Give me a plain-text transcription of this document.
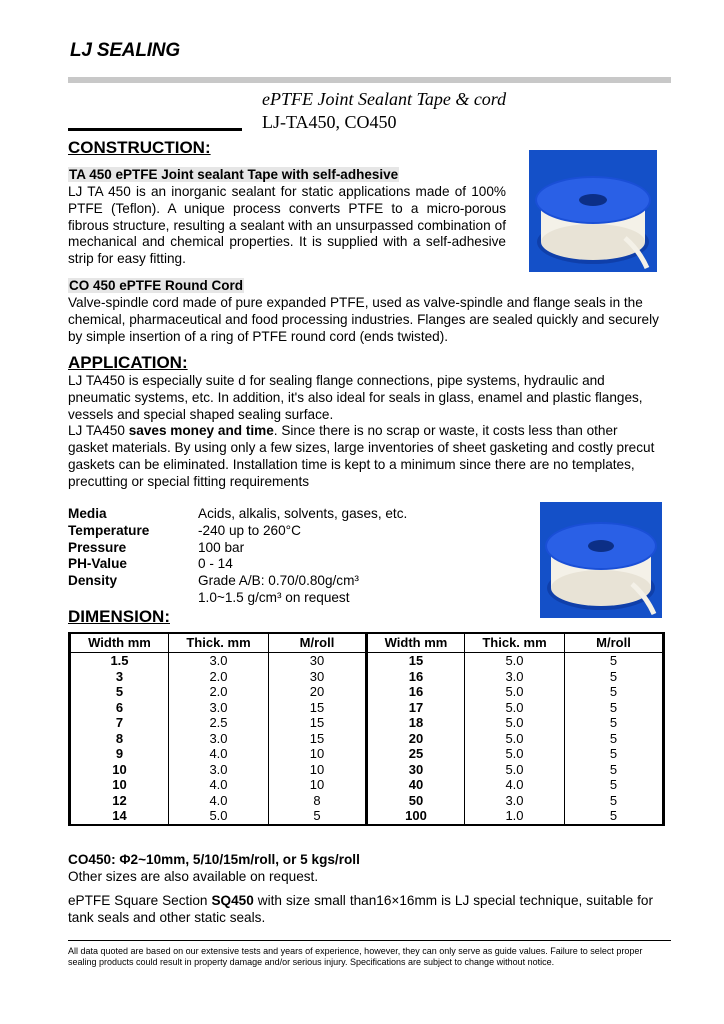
LJ SEALING
ePTFE Joint Sealant Tape & cord
LJ-TA450, CO450
CONSTRUCTION:
TA 450 ePTFE Joint sealant Tape with self-adhesive
LJ TA 450 is an inorganic sealant for static applications made of 100% PTFE (Teflon). A unique process converts PTFE to a micro-porous fibrous structure, resulting a sealant with an unsurpassed combination of mechanical and chemical properties. It is supplied with a self-adhesive strip for easy fitting.
CO 450 ePTFE Round Cord
Valve-spindle cord made of pure expanded PTFE, used as valve-spindle and flange seals in the chemical, pharmaceutical and food processing industries. Flanges are sealed quickly and securely by simple insertion of a ring of PTFE round cord (ends twisted).
APPLICATION:
LJ TA450 is especially suite d for sealing flange connections, pipe systems, hydraulic and pneumatic systems, etc. In addition, it's also ideal for seals in glass, enamel and plastic flanges, vessels and special shaped sealing surface.
LJ TA450 saves money and time. Since there is no scrap or waste, it costs less than other gasket materials. By using only a few sizes, large inventories of sheet gasketing and costly precut gaskets can be eliminated. Installation time is kept to a minimum since there are no templates, precutting or special fitting requirements
Media	Acids, alkalis, solvents, gases, etc.
Temperature	-240 up to 260°C
Pressure	100 bar
PH-Value	0 - 14
Density	Grade A/B: 0.70/0.80g/cm³
1.0~1.5 g/cm³ on request
DIMENSION:
Width mm	Thick. mm	M/roll	Width mm	Thick. mm	M/roll
1.5	3.0	30	15	5.0	5
3	2.0	30	16	3.0	5
5	2.0	20	16	5.0	5
6	3.0	15	17	5.0	5
7	2.5	15	18	5.0	5
8	3.0	15	20	5.0	5
9	4.0	10	25	5.0	5
10	3.0	10	30	5.0	5
10	4.0	10	40	4.0	5
12	4.0	8	50	3.0	5
14	5.0	5	100	1.0	5
CO450: Φ2~10mm, 5/10/15m/roll, or 5 kgs/roll
Other sizes are also available on request.
ePTFE Square Section SQ450 with size small than16×16mm is LJ special technique, suitable for tank seals and other static seals.
All data quoted are based on our extensive tests and years of experience, however, they can only serve as guide values. Failure to select proper sealing products could result in property damage and/or serious injury. Specifications are subject to change without notice.
